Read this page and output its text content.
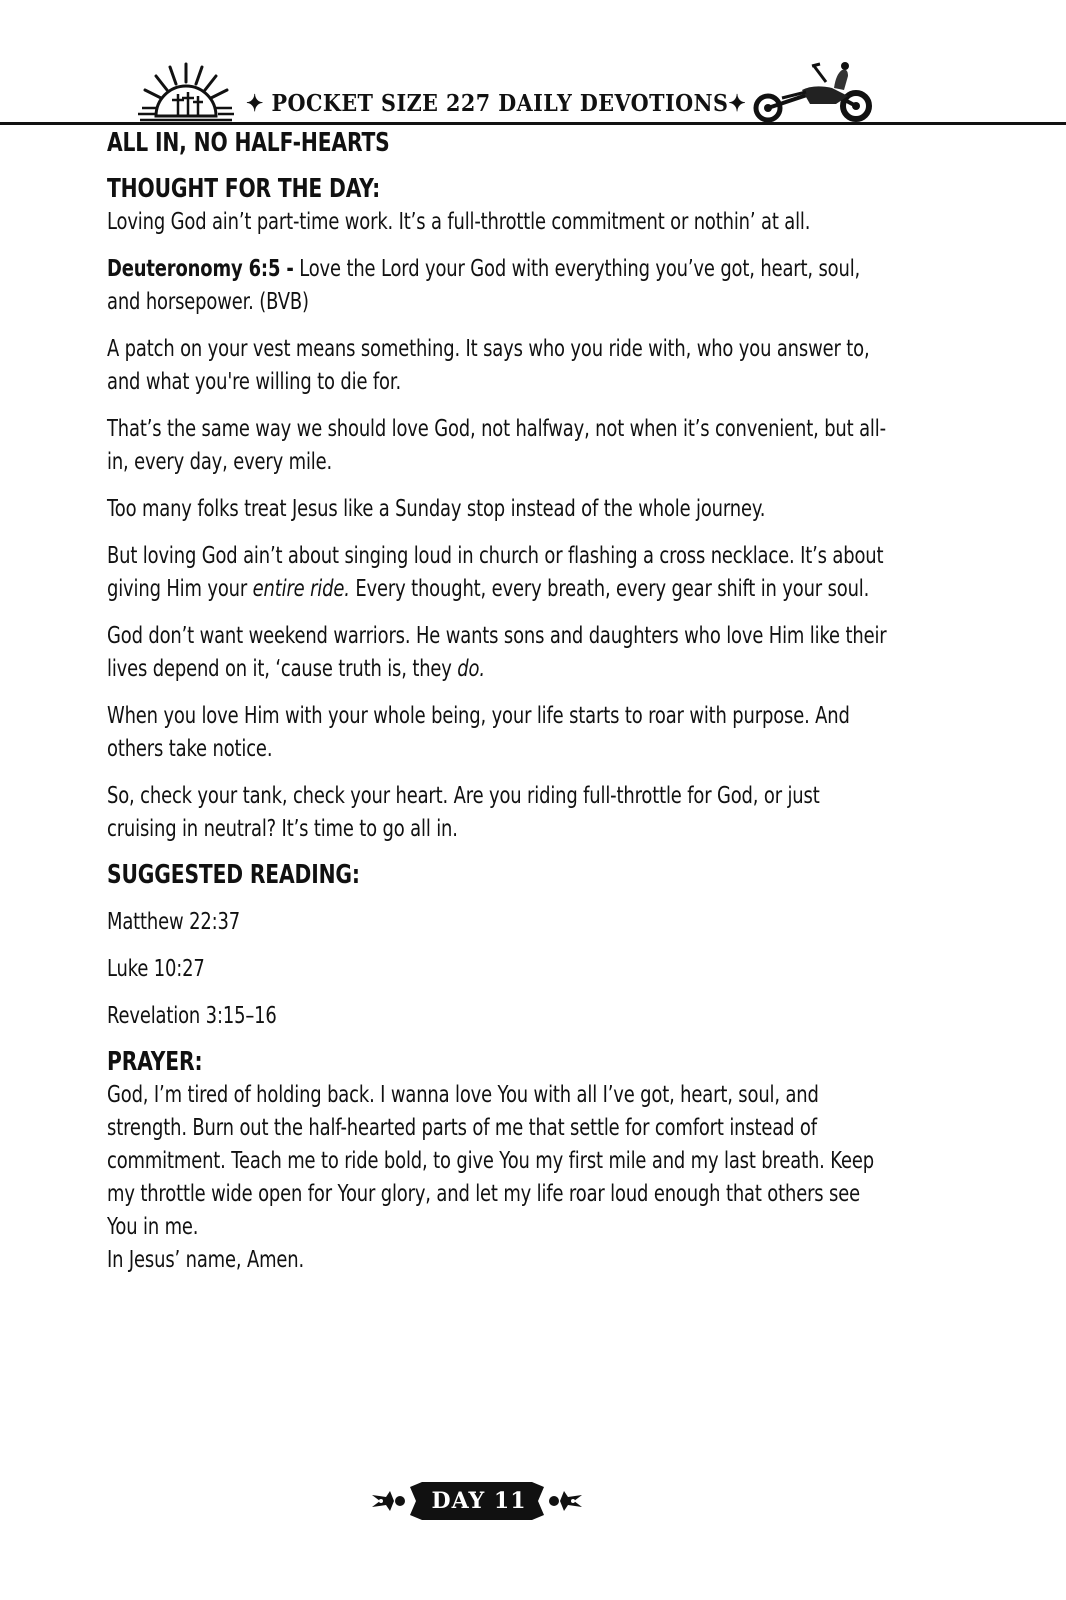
✦ POCKET SIZE 227 DAILY DEVOTIONS✦
ALL IN, NO HALF-HEARTS
THOUGHT FOR THE DAY:

Loving God ain’t part-time work. It’s a full-throttle commitment or nothin’ at all.

Deuteronomy 6:5 - Love the Lord your God with everything you’ve got, heart, soul, and horsepower. (BVB)

A patch on your vest means something. It says who you ride with, who you answer to, and what you're willing to die for.

That’s the same way we should love God, not halfway, not when it’s convenient, but all-in, every day, every mile.

Too many folks treat Jesus like a Sunday stop instead of the whole journey.

But loving God ain’t about singing loud in church or flashing a cross necklace. It’s about giving Him your entire ride. Every thought, every breath, every gear shift in your soul.

God don’t want weekend warriors. He wants sons and daughters who love Him like their lives depend on it, ‘cause truth is, they do.

When you love Him with your whole being, your life starts to roar with purpose. And others take notice.

So, check your tank, check your heart. Are you riding full-throttle for God, or just cruising in neutral? It’s time to go all in.

SUGGESTED READING:

Matthew 22:37

Luke 10:27

Revelation 3:15–16

PRAYER:

God, I’m tired of holding back. I wanna love You with all I’ve got, heart, soul, and strength. Burn out the half-hearted parts of me that settle for comfort instead of commitment. Teach me to ride bold, to give You my first mile and my last breath. Keep my throttle wide open for Your glory, and let my life roar loud enough that others see You in me.

In Jesus’ name, Amen.

DAY 11
